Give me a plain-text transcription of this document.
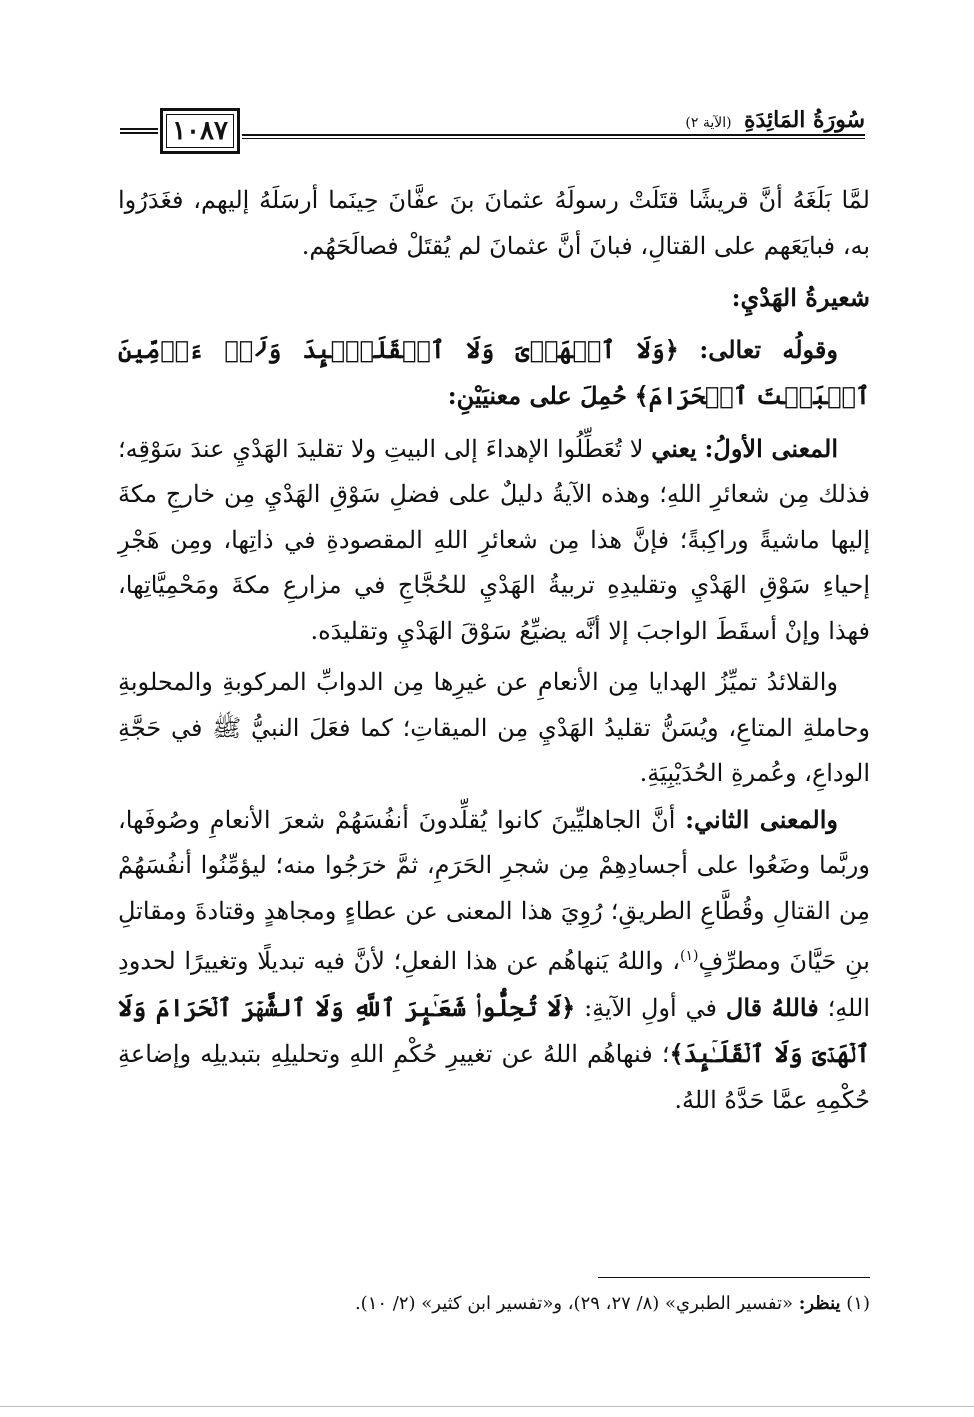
١٠٨٧	سُورَةُ المَائِدَةِ (الآية ٢)

لمَّا بَلَغَهُ أنَّ قريشًا قتَلَتْ رسولَهُ عثمانَ بنَ عفَّانَ حِينَما أرسَلَهُ إليهم، فغَدَرُوا به، فبايَعَهم على القتالِ، فبانَ أنَّ عثمانَ لم يُقتَلْ فصالَحَهُم.

شعيرةُ الهَدْيِ:

وقولُه تعالى: ﴿وَلَا ٱلۡهَدۡیَ وَلَا ٱلۡقَلَـٰۤىِٕدَ وَلَاۤ ءَاۤمِّینَ ٱلۡبَیۡتَ ٱلۡحَرَامَ﴾ حُمِلَ على معنيَيْنِ:

المعنى الأولُ: يعني لا تُعَطِّلُوا الإهداءَ إلى البيتِ ولا تقليدَ الهَدْيِ عندَ سَوْقِه؛ فذلك مِن شعائرِ اللهِ؛ وهذه الآيةُ دليلٌ على فضلِ سَوْقِ الهَدْيِ مِن خارجِ مكةَ إليها ماشيةً وراكِبةً؛ فإنَّ هذا مِن شعائرِ اللهِ المقصودةِ في ذاتِها، ومِن هَجْرِ إحياءِ سَوْقِ الهَدْيِ وتقليدِهِ تربيةُ الهَدْيِ للحُجَّاجِ في مزارعِ مكةَ ومَحْمِيَّاتِها، فهذا وإنْ أسقَطَ الواجبَ إلا أنَّه يضيِّعُ سَوْقَ الهَدْيِ وتقليدَه.

والقلائدُ تميِّزُ الهدايا مِن الأنعامِ عن غيرِها مِن الدوابِّ المركوبةِ والمحلوبةِ وحاملةِ المتاعِ، ويُسَنُّ تقليدُ الهَدْيِ مِن الميقاتِ؛ كما فعَلَ النبيُّ ﷺ في حَجَّةِ الوداعِ، وعُمرةِ الحُدَيْبِيَةِ.

والمعنى الثاني: أنَّ الجاهليِّينَ كانوا يُقلِّدونَ أنفُسَهُمْ شعرَ الأنعامِ وصُوفَها، وربَّما وضَعُوا على أجسادِهِمْ مِن شجرِ الحَرَمِ، ثمَّ خرَجُوا منه؛ ليؤمِّنُوا أنفُسَهُمْ مِن القتالِ وقُطَّاعِ الطريقِ؛ رُوِيَ هذا المعنى عن عطاءٍ ومجاهدٍ وقتادةَ ومقاتلِ بنِ حَيَّانَ ومطرِّفٍ$^{(١)}$، واللهُ يَنهاهُم عن هذا الفعلِ؛ لأنَّ فيه تبديلًا وتغييرًا لحدودِ اللهِ؛ فاللهُ قال في أولِ الآيةِ: ﴿لَا تُحِلُّوا۟ شَعَـٰۤىِٕرَ ٱللَّهِ وَلَا ٱلشَّهۡرَ ٱلۡحَرَامَ وَلَا ٱلۡهَدۡیَ وَلَا ٱلۡقَلَـٰۤىِٕدَ﴾؛ فنهاهُم اللهُ عن تغييرِ حُكْمِ اللهِ وتحليلِهِ بتبديلِه وإضاعةِ حُكْمِهِ عمَّا حَدَّهُ اللهُ.

(١) ينظر: «تفسير الطبري» (٨/ ٢٧، ٢٩)، و«تفسير ابن كثير» (٢/ ١٠).
